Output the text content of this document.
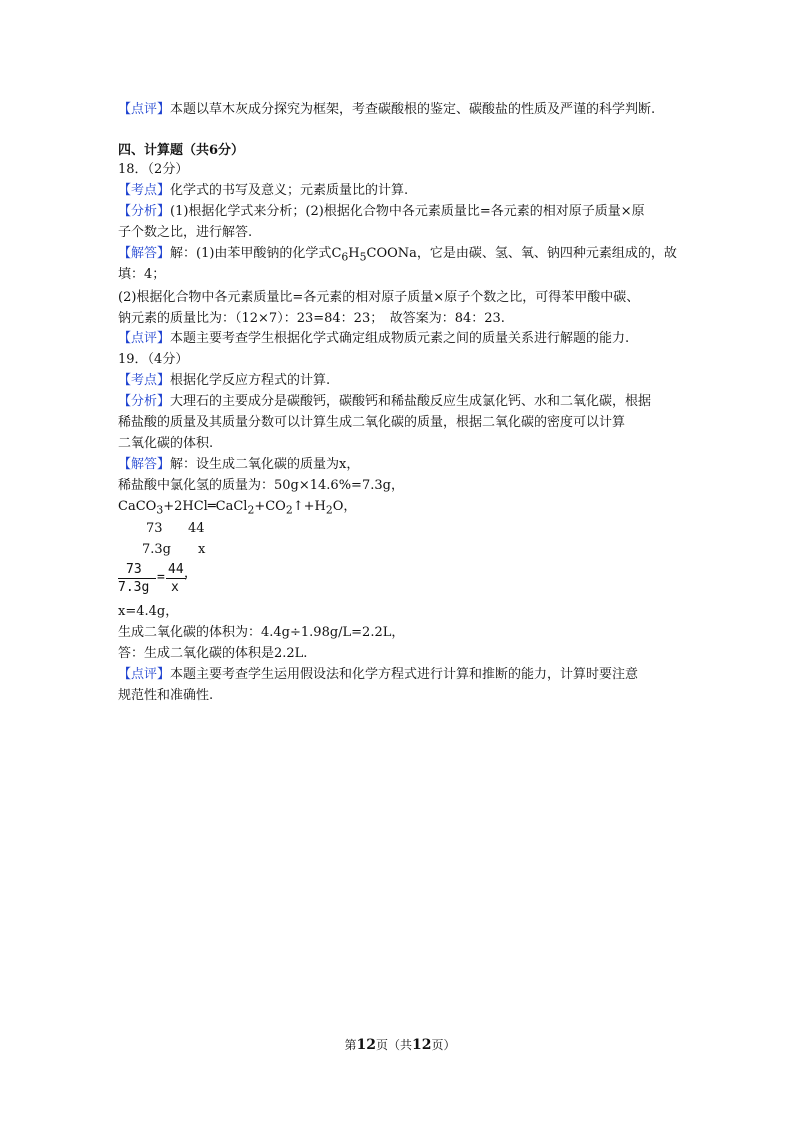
【点评】本题以草木灰成分探究为框架，考查碳酸根的鉴定、碳酸盐的性质及严谨的科学判断.
四、计算题（共6分）
18．（2分）
【考点】化学式的书写及意义；元素质量比的计算.
【分析】(1)根据化学式来分析；(2)根据化合物中各元素质量比=各元素的相对原子质量×原
子个数之比，进行解答.
【解答】解：(1)由苯甲酸钠的化学式$C_6H_5COONa$，它是由碳、氢、氧、钠四种元素组成的，故
填：4；
(2)根据化合物中各元素质量比=各元素的相对原子质量×原子个数之比，可得苯甲酸中碳、
钠元素的质量比为：（12×7）：23=84：23；　故答案为：84：23.
【点评】本题主要考查学生根据化学式确定组成物质元素之间的质量关系进行解题的能力.
19．（4分）
【考点】根据化学反应方程式的计算.
【分析】大理石的主要成分是碳酸钙，碳酸钙和稀盐酸反应生成氯化钙、水和二氧化碳，根据
稀盐酸的质量及其质量分数可以计算生成二氧化碳的质量，根据二氧化碳的密度可以计算
二氧化碳的体积.
【解答】解：设生成二氧化碳的质量为x，
稀盐酸中氯化氢的质量为：50g×14.6%=7.3g，
$CaCO_3+2HCl═CaCl_2+CO_2↑+H_2O$，
73 44
7.3g x
73
7.3g
=
44
x
，
x=4.4g，
生成二氧化碳的体积为：4.4g÷1.98g/L=2.2L，
答：生成二氧化碳的体积是2.2L.
【点评】本题主要考查学生运用假设法和化学方程式进行计算和推断的能力，计算时要注意
规范性和准确性.
第12页（共12页）
